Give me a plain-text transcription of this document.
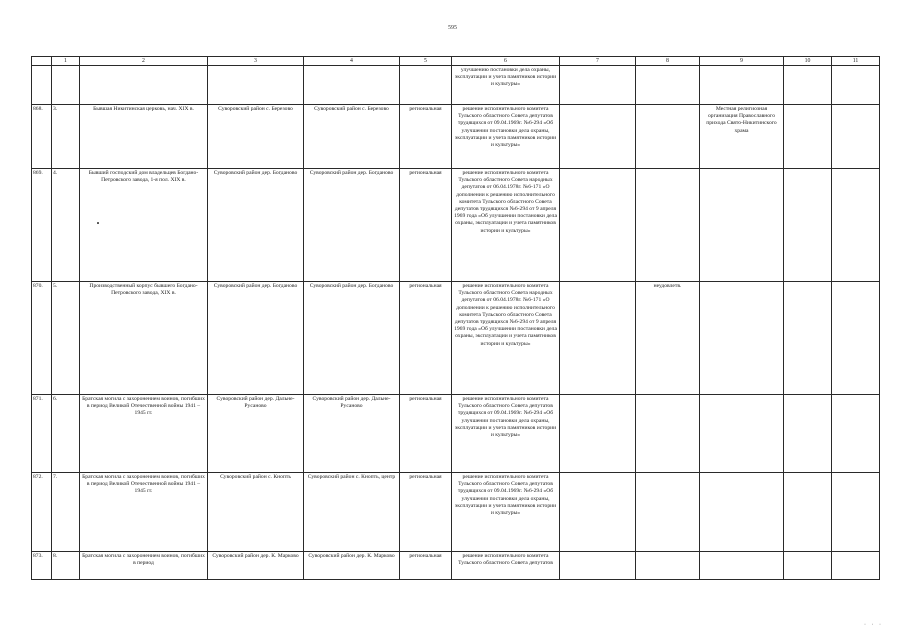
595
	1	2	3	4	5	6	7	8	9	10	11
						улучшению постановки дела охраны, эксплуатации и учета памятников истории и культуры»					
868.	3.	Бывшая Никитинская церковь, нач. XIX в.	Суворовский район с. Березово	Суворовский район с. Березово	региональная	решение исполнительного комитета Тульского областного Совета депутатов трудящихся от 09.04.1969г. №6-294 «Об улучшении постановки дела охраны, эксплуатации и учета памятников истории и культуры»			Местная религиозная организация Православного прихода Свято-Никитинского храма		
869.	4.	Бывший господский дом владельцев Богдано-Петровского завода, 1-я пол. XIX в.	Суворовский район дер. Богданово	Суворовский район дер. Богданово	региональная	решение исполнительного комитета Тульского областного Совета народных депутатов от 06.04.1978г. №6-171 «О дополнении к решению исполнительного комитета Тульского областного Совета депутатов трудящихся №6-294 от 9 апреля 1969 года «Об улучшении постановки дела охраны, эксплуатации и учета памятников истории и культуры»					
870.	5.	Производственный корпус бывшего Богдано-Петровского завода, XIX в.	Суворовский район дер. Богданово	Суворовский район дер. Богданово	региональная	решение исполнительного комитета Тульского областного Совета народных депутатов от 06.04.1978г. №6-171 «О дополнении к решению исполнительного комитета Тульского областного Совета депутатов трудящихся №6-294 от 9 апреля 1969 года «Об улучшении постановки дела охраны, эксплуатации и учета памятников истории и культуры»		неудовлетв.			
871.	6.	Братская могила с захоронением воинов, погибших в период Великой Отечественной войны 1941 – 1945 гг.	Суворовский район дер. Дальне-Русаново	Суворовский район дер. Дальне-Русаново	региональная	решение исполнительного комитета Тульского областного Совета депутатов трудящихся от 09.04.1969г. №6-294 «Об улучшении постановки дела охраны, эксплуатации и учета памятников истории и культуры»					
872.	7.	Братская могила с захоронением воинов, погибших в период Великой Отечественной войны 1941 – 1945 гг.	Суворовский район с. Кнопть	Суворовский район с. Кнопть, центр	региональная	решение исполнительного комитета Тульского областного Совета депутатов трудящихся от 09.04.1969г. №6-294 «Об улучшении постановки дела охраны, эксплуатации и учета памятников истории и культуры»					
873.	8.	Братская могила с захоронением воинов, погибших в период	Суворовский район дер. К. Марково	Суворовский район дер. К. Марково	региональная	решение исполнительного комитета Тульского областного Совета депутатов					
· · ·
